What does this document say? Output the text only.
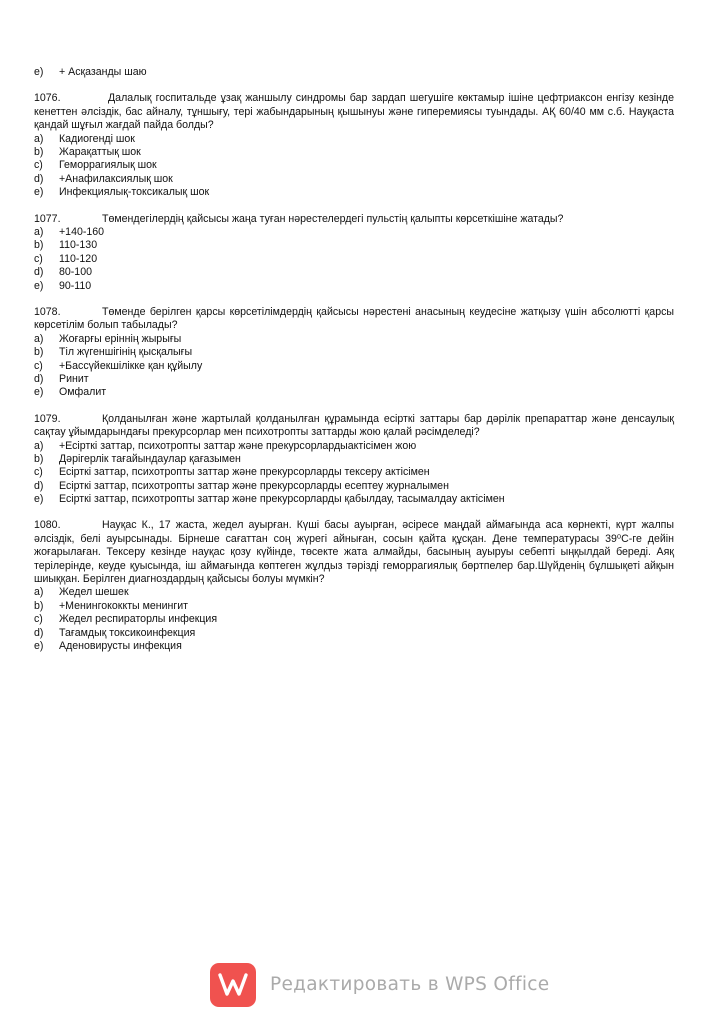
e)	+ Асқазанды шаю
1076.	Далалық госпитальде ұзақ жаншылу синдромы бар зардап шегушіге көктамыр ішіне цефтриаксон енгізу кезінде кенеттен әлсіздік, бас айналу, тұншығу, тері жабындарының қышынуы және гиперемиясы туындады. АҚ 60/40 мм с.б. Науқаста қандай шұғыл жағдай пайда болды?
a)	Кадиогенді шок
b)	Жарақаттық шок
c)	Геморрагиялық шок
d)	+Анафилаксиялық шок
e)	Инфекциялық-токсикалық шок
1077.	Төмендегілердің қайсысы жаңа туған нәрестелердегі пульстің қалыпты көрсеткішіне жатады?
a)	+140-160
b)	110-130
c)	110-120
d)	80-100
e)	90-110
1078.	Төменде берілген қарсы көрсетілімдердің қайсысы нәрестені анасының кеудесіне жатқызу үшін абсолютті қарсы көрсетілім болып табылады?
a)	Жоғарғы еріннің жырығы
b)	Тіл жүгеншігінің қысқалығы
c)	+Бассүйекшілікке қан құйылу
d)	Ринит
e)	Омфалит
1079.	Қолданылған және жартылай қолданылған құрамында есірткі заттары бар дәрілік препараттар және денсаулық сақтау ұйымдарындағы прекурсорлар мен психотропты заттарды жою қалай рәсімделеді?
a)	+Есірткі заттар, психотропты заттар және прекурсорлардыактісімен жою
b)	Дәрігерлік тағайындаулар қағазымен
c)	Есірткі заттар, психотропты заттар және прекурсорларды тексеру актісімен
d)	Есірткі заттар, психотропты заттар және прекурсорларды есептеу журналымен
e)	Есірткі заттар, психотропты заттар және прекурсорларды қабылдау, тасымалдау актісімен
1080.	Науқас К., 17 жаста, жедел ауырған. Күші басы ауырған, әсіресе маңдай аймағында аса көрнекті, күрт жалпы әлсіздік, белі ауырсынады. Бірнеше сағаттан соң жүрегі айныған, сосын қайта құсқан. Дене температурасы 39⁰С-ге дейін жоғарылаған. Тексеру кезінде науқас қозу күйінде, төсекте жата алмайды, басының ауыруы себепті ыңқылдай береді. Аяқ терілерінде, кеуде қуысында, іш аймағында көптеген жұлдыз тәрізді геморрагиялық бөртпелер бар.Шүйденің бұлшықеті айқын шиыққан. Берілген диагноздардың қайсысы болуы мүмкін?
a)	Жедел шешек
b)	+Менингококкты менингит
c)	Жедел респираторлы инфекция
d)	Тағамдық токсикоинфекция
e)	Аденовирусты инфекция
Редактировать в WPS Office
